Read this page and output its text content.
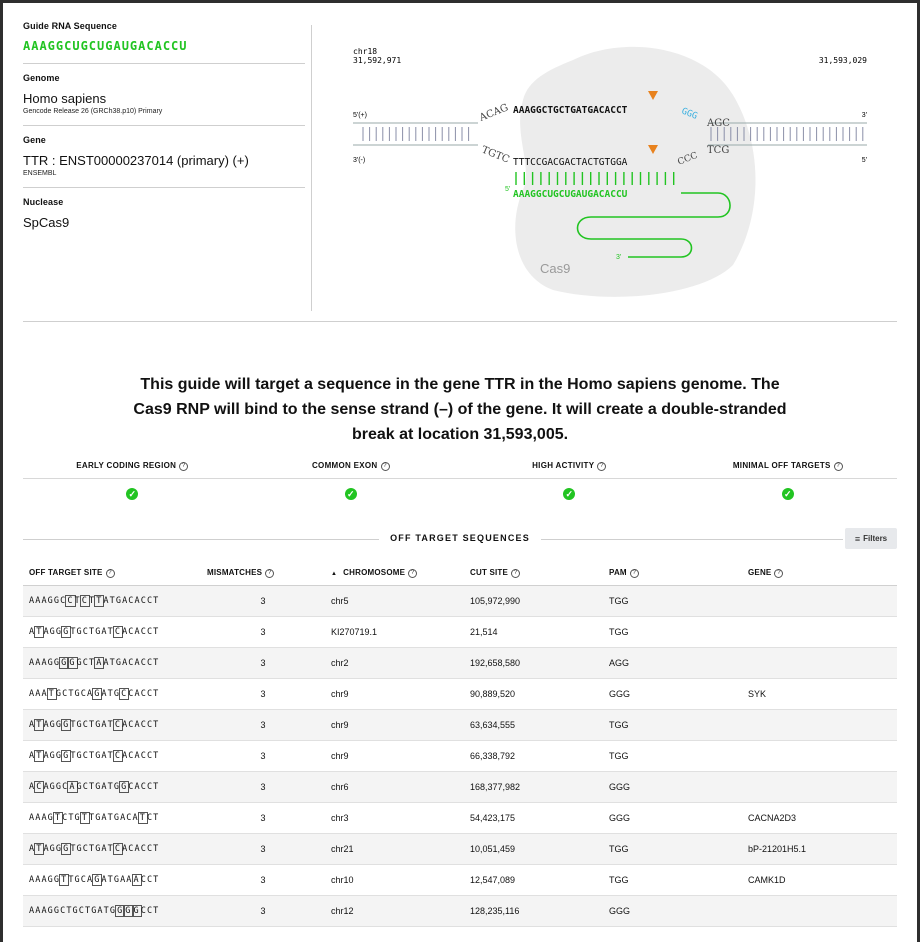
Guide RNA Sequence
AAAGGCUGCUGAUGACACCU
Genome
Homo sapiens
Gencode Release 26 (GRCh38.p10) Primary
Gene
TTR : ENST00000237014 (primary) (+)
ENSEMBL
Nuclease
SpCas9
chr18
31,592,971	31,593,029
5'(+)	3'
3'(-)	5'
ACAG AAAGGCTGCTGATGACACCT	GGG
AGC
TGTC TTTCCGACGACTACTGTGGA	CCC
TCG
5' AAAGGCUGCUGAUGACACCU
3'
Cas9

This guide will target a sequence in the gene TTR in the Homo sapiens genome. The Cas9 RNP will bind to the sense strand (–) of the gene. It will create a double-stranded break at location 31,593,005.

EARLY CODING REGION ?	COMMON EXON ?	HIGH ACTIVITY ?	MINIMAL OFF TARGETS ?
✓	✓	✓	✓
OFF TARGET SEQUENCES	≡ Filters
OFF TARGET SITE ?	MISMATCHES ?	▲ CHROMOSOME ?	CUT SITE ?	PAM ?	GENE ?
AAAGGCCTCTTATGACACCT	3	chr5	105,972,990	TGG	
ATAGGGTGCTGATCACACCT	3	KI270719.1	21,514	TGG	
AAAGGG GGCTAATGACACCT	3	chr2	192,658,580	AGG	
AAATGCTGCAGATGCCACCT	3	chr9	90,889,520	GGG	SYK
ATAGGGTGCTGATCACACCT	3	chr9	63,634,555	TGG	
ATAGGGTGCTGATCACACCT	3	chr9	66,338,792	TGG	
ACAGGCAGCTGATGGCACCT	3	chr6	168,377,982	GGG	
AAAGTCTGTTGATGACATCT	3	chr3	54,423,175	GGG	CACNA2D3
ATAGGGTGCTGATCACACCT	3	chr21	10,051,459	TGG	bP-21201H5.1
AAAGGTTGCAGATGAAACCT	3	chr10	12,547,089	TGG	CAMK1D
AAAGGCTGCTGATGG G GCCT	3	chr12	128,235,116	GGG	
